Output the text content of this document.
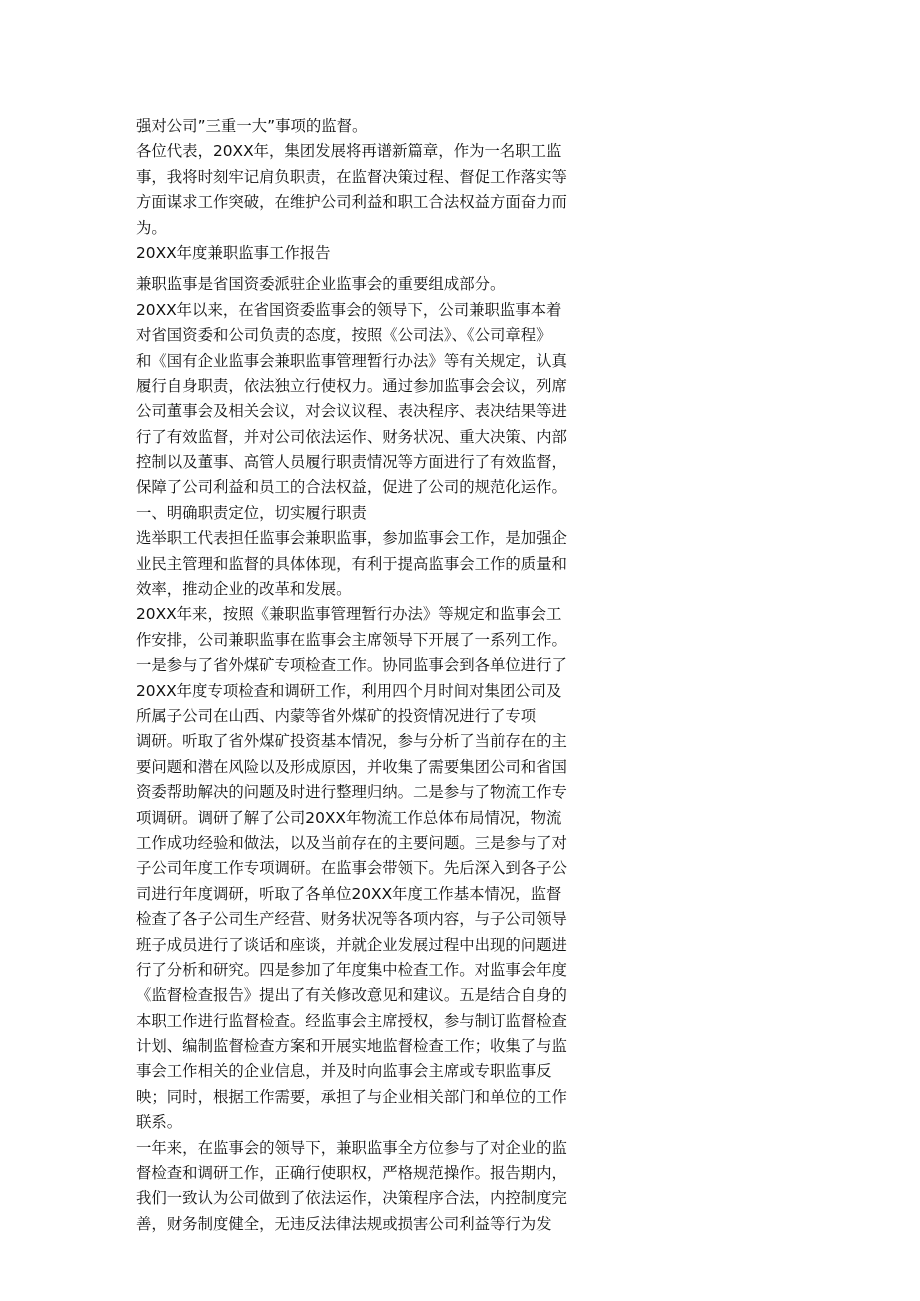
强对公司”三重一大”事项的监督。
各位代表，20XX年，集团发展将再谱新篇章，作为一名职工监
事，我将时刻牢记肩负职责，在监督决策过程、督促工作落实等
方面谋求工作突破，在维护公司利益和职工合法权益方面奋力而
为。
20XX年度兼职监事工作报告
兼职监事是省国资委派驻企业监事会的重要组成部分。
20XX年以来，在省国资委监事会的领导下，公司兼职监事本着
对省国资委和公司负责的态度，按照《公司法》、《公司章程》
和《国有企业监事会兼职监事管理暂行办法》等有关规定，认真
履行自身职责，依法独立行使权力。通过参加监事会会议，列席
公司董事会及相关会议，对会议议程、表决程序、表决结果等进
行了有效监督，并对公司依法运作、财务状况、重大决策、内部
控制以及董事、高管人员履行职责情况等方面进行了有效监督，
保障了公司利益和员工的合法权益，促进了公司的规范化运作。
一、明确职责定位，切实履行职责
选举职工代表担任监事会兼职监事，参加监事会工作，是加强企
业民主管理和监督的具体体现，有利于提高监事会工作的质量和
效率，推动企业的改革和发展。
20XX年来，按照《兼职监事管理暂行办法》等规定和监事会工
作安排，公司兼职监事在监事会主席领导下开展了一系列工作。
一是参与了省外煤矿专项检查工作。协同监事会到各单位进行了
20XX年度专项检查和调研工作，利用四个月时间对集团公司及
所属子公司在山西、内蒙等省外煤矿的投资情况进行了专项
调研。听取了省外煤矿投资基本情况，参与分析了当前存在的主
要问题和潜在风险以及形成原因，并收集了需要集团公司和省国
资委帮助解决的问题及时进行整理归纳。二是参与了物流工作专
项调研。调研了解了公司20XX年物流工作总体布局情况，物流
工作成功经验和做法，以及当前存在的主要问题。三是参与了对
子公司年度工作专项调研。在监事会带领下。先后深入到各子公
司进行年度调研，听取了各单位20XX年度工作基本情况，监督
检查了各子公司生产经营、财务状况等各项内容，与子公司领导
班子成员进行了谈话和座谈，并就企业发展过程中出现的问题进
行了分析和研究。四是参加了年度集中检查工作。对监事会年度
《监督检查报告》提出了有关修改意见和建议。五是结合自身的
本职工作进行监督检查。经监事会主席授权，参与制订监督检查
计划、编制监督检查方案和开展实地监督检查工作；收集了与监
事会工作相关的企业信息，并及时向监事会主席或专职监事反
映；同时，根据工作需要，承担了与企业相关部门和单位的工作
联系。
一年来，在监事会的领导下，兼职监事全方位参与了对企业的监
督检查和调研工作，正确行使职权，严格规范操作。报告期内，
我们一致认为公司做到了依法运作，决策程序合法，内控制度完
善，财务制度健全，无违反法律法规或损害公司利益等行为发
